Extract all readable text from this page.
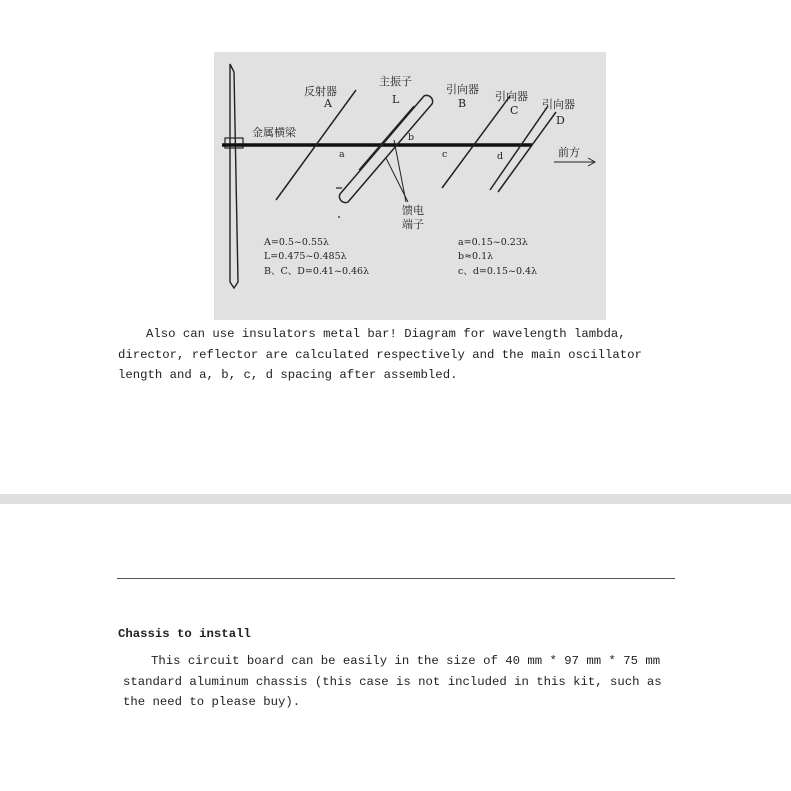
反射器
A
主振子
L
引向器
B
引向器
C 引向器
D
金属横梁
前方
馈电
端子
a
b
c	d
A=0.5~0.55λ
L=0.475~0.485λ
B、C、D=0.41~0.46λ
a=0.15~0.23λ
b≈0.1λ
c、d=0.15~0.4λ

Also can use insulators metal bar! Diagram for wavelength lambda, director, reflector are calculated respectively and the main oscillator length and a, b, c, d spacing after assembled.

Chassis to install

This circuit board can be easily in the size of 40 mm * 97 mm * 75 mm standard aluminum chassis (this case is not included in this kit, such as the need to please buy).
